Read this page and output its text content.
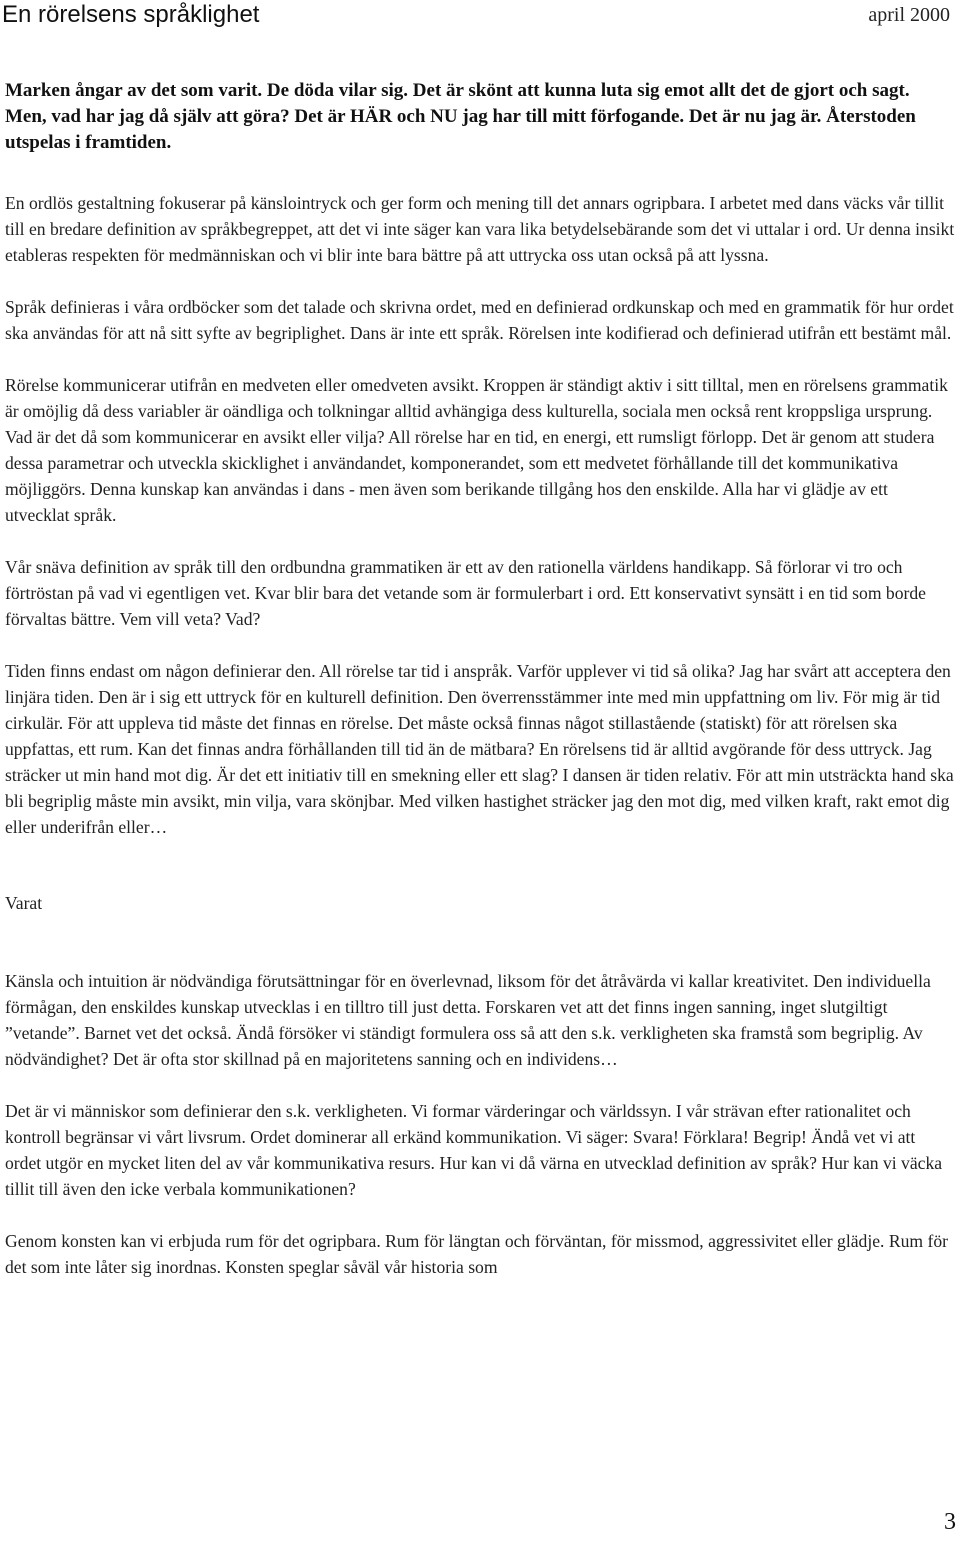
En rörelsens språklighet	april 2000

Marken ångar av det som varit. De döda vilar sig. Det är skönt att kunna luta sig emot allt det de gjort och sagt. Men, vad har jag då själv att göra? Det är HÄR och NU jag har till mitt förfogande. Det är nu jag är. Återstoden utspelas i framtiden.

En ordlös gestaltning fokuserar på känslointryck och ger form och mening till det annars ogripbara. I arbetet med dans väcks vår tillit till en bredare definition av språkbegreppet, att det vi inte säger kan vara lika betydelsebärande som det vi uttalar i ord. Ur denna insikt etableras respekten för medmänniskan och vi blir inte bara bättre på att uttrycka oss utan också på att lyssna.

Språk definieras i våra ordböcker som det talade och skrivna ordet, med en definierad ordkunskap och med en grammatik för hur ordet ska användas för att nå sitt syfte av begriplighet. Dans är inte ett språk. Rörelsen inte kodifierad och definierad utifrån ett bestämt mål.

Rörelse kommunicerar utifrån en medveten eller omedveten avsikt. Kroppen är ständigt aktiv i sitt tilltal, men en rörelsens grammatik är omöjlig då dess variabler är oändliga och tolkningar alltid avhängiga dess kulturella, sociala men också rent kroppsliga ursprung. Vad är det då som kommunicerar en avsikt eller vilja? All rörelse har en tid, en energi, ett rumsligt förlopp. Det är genom att studera dessa parametrar och utveckla skicklighet i användandet, komponerandet, som ett medvetet förhållande till det kommunikativa möjliggörs. Denna kunskap kan användas i dans - men även som berikande tillgång hos den enskilde. Alla har vi glädje av ett utvecklat språk.

Vår snäva definition av språk till den ordbundna grammatiken är ett av den rationella världens handikapp. Så förlorar vi tro och förtröstan på vad vi egentligen vet. Kvar blir bara det vetande som är formulerbart i ord. Ett konservativt synsätt i en tid som borde förvaltas bättre. Vem vill veta? Vad?

Tiden finns endast om någon definierar den. All rörelse tar tid i anspråk. Varför upplever vi tid så olika? Jag har svårt att acceptera den linjära tiden. Den är i sig ett uttryck för en kulturell definition. Den överrensstämmer inte med min uppfattning om liv. För mig är tid cirkulär. För att uppleva tid måste det finnas en rörelse. Det måste också finnas något stillastående (statiskt) för att rörelsen ska uppfattas, ett rum. Kan det finnas andra förhållanden till tid än de mätbara? En rörelsens tid är alltid avgörande för dess uttryck. Jag sträcker ut min hand mot dig. Är det ett initiativ till en smekning eller ett slag? I dansen är tiden relativ. För att min utsträckta hand ska bli begriplig måste min avsikt, min vilja, vara skönjbar. Med vilken hastighet sträcker jag den mot dig, med vilken kraft, rakt emot dig eller underifrån eller…

Varat

Känsla och intuition är nödvändiga förutsättningar för en överlevnad, liksom för det åtråvärda vi kallar kreativitet. Den individuella förmågan, den enskildes kunskap utvecklas i en tilltro till just detta. Forskaren vet att det finns ingen sanning, inget slutgiltigt ”vetande”. Barnet vet det också. Ändå försöker vi ständigt formulera oss så att den s.k. verkligheten ska framstå som begriplig. Av nödvändighet? Det är ofta stor skillnad på en majoritetens sanning och en individens…

Det är vi människor som definierar den s.k. verkligheten. Vi formar värderingar och världssyn. I vår strävan efter rationalitet och kontroll begränsar vi vårt livsrum. Ordet dominerar all erkänd kommunikation. Vi säger: Svara! Förklara! Begrip! Ändå vet vi att ordet utgör en mycket liten del av vår kommunikativa resurs. Hur kan vi då värna en utvecklad definition av språk? Hur kan vi väcka tillit till även den icke verbala kommunikationen?

Genom konsten kan vi erbjuda rum för det ogripbara. Rum för längtan och förväntan, för missmod, aggressivitet eller glädje. Rum för det som inte låter sig inordnas. Konsten speglar såväl vår historia som

3
